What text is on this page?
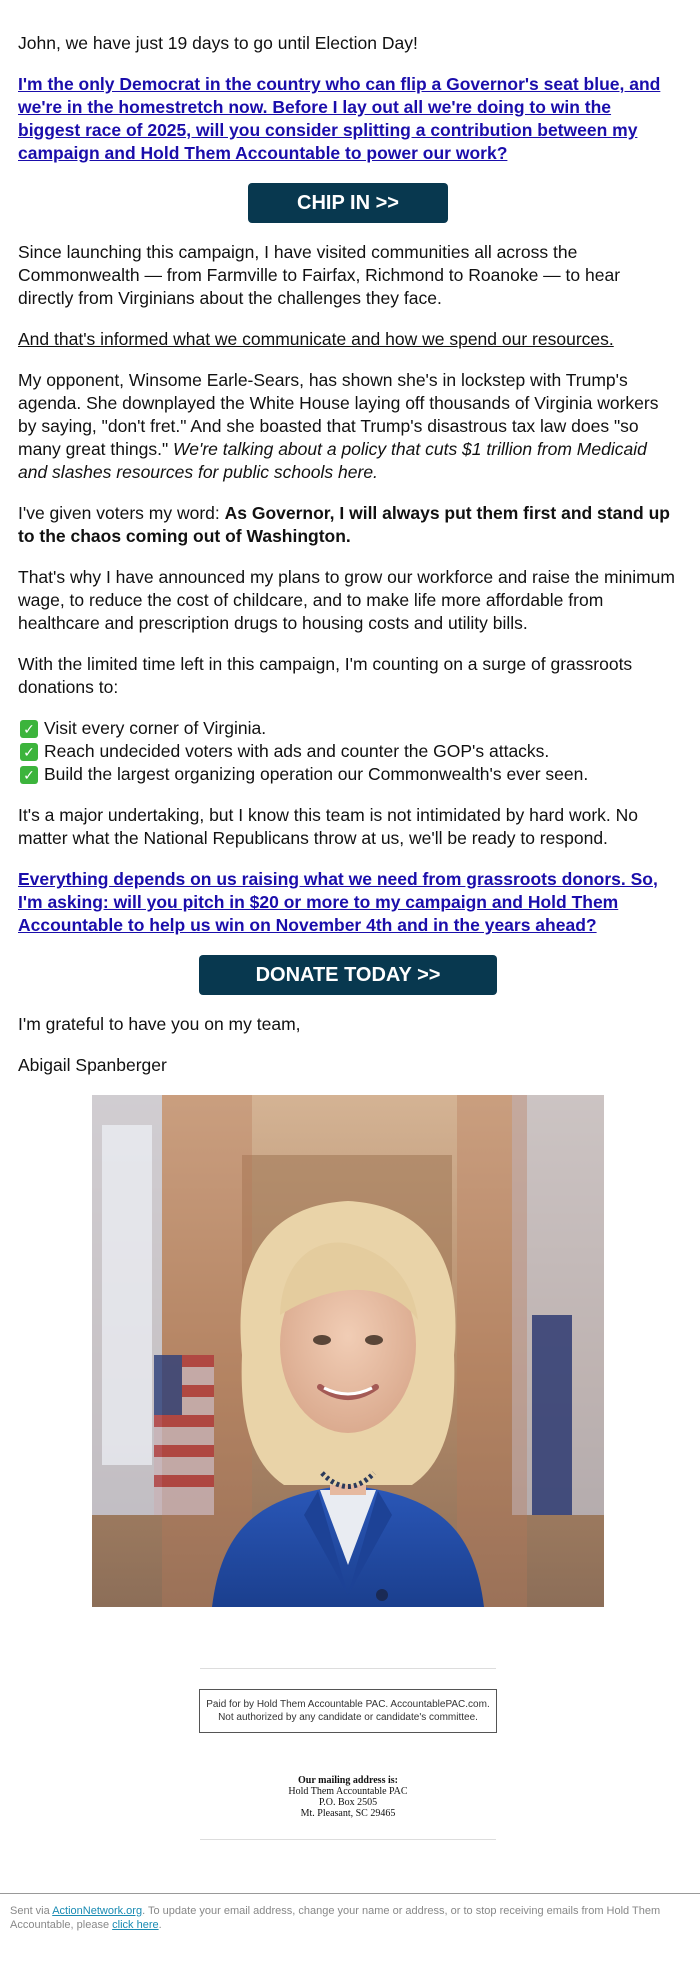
John, we have just 19 days to go until Election Day!

I'm the only Democrat in the country who can flip a Governor's seat blue, and we're in the homestretch now. Before I lay out all we're doing to win the biggest race of 2025, will you consider splitting a contribution between my campaign and Hold Them Accountable to power our work?

CHIP IN >>

Since launching this campaign, I have visited communities all across the Commonwealth — from Farmville to Fairfax, Richmond to Roanoke — to hear directly from Virginians about the challenges they face.

And that's informed what we communicate and how we spend our resources.

My opponent, Winsome Earle-Sears, has shown she's in lockstep with Trump's agenda. She downplayed the White House laying off thousands of Virginia workers by saying, "don't fret." And she boasted that Trump's disastrous tax law does "so many great things." We're talking about a policy that cuts $1 trillion from Medicaid and slashes resources for public schools here.

I've given voters my word: As Governor, I will always put them first and stand up to the chaos coming out of Washington.

That's why I have announced my plans to grow our workforce and raise the minimum wage, to reduce the cost of childcare, and to make life more affordable from healthcare and prescription drugs to housing costs and utility bills.

With the limited time left in this campaign, I'm counting on a surge of grassroots donations to:

✓ Visit every corner of Virginia.
✓ Reach undecided voters with ads and counter the GOP's attacks.
✓ Build the largest organizing operation our Commonwealth's ever seen.

It's a major undertaking, but I know this team is not intimidated by hard work. No matter what the National Republicans throw at us, we'll be ready to respond.

Everything depends on us raising what we need from grassroots donors. So, I'm asking: will you pitch in $20 or more to my campaign and Hold Them Accountable to help us win on November 4th and in the years ahead?

DONATE TODAY >>

I'm grateful to have you on my team,

Abigail Spanberger

Paid for by Hold Them Accountable PAC. AccountablePAC.com. Not authorized by any candidate or candidate's committee.
Our mailing address is:
Hold Them Accountable PAC
P.O. Box 2505
Mt. Pleasant, SC 29465
Sent via ActionNetwork.org. To update your email address, change your name or address, or to stop receiving emails from Hold Them Accountable, please click here.
